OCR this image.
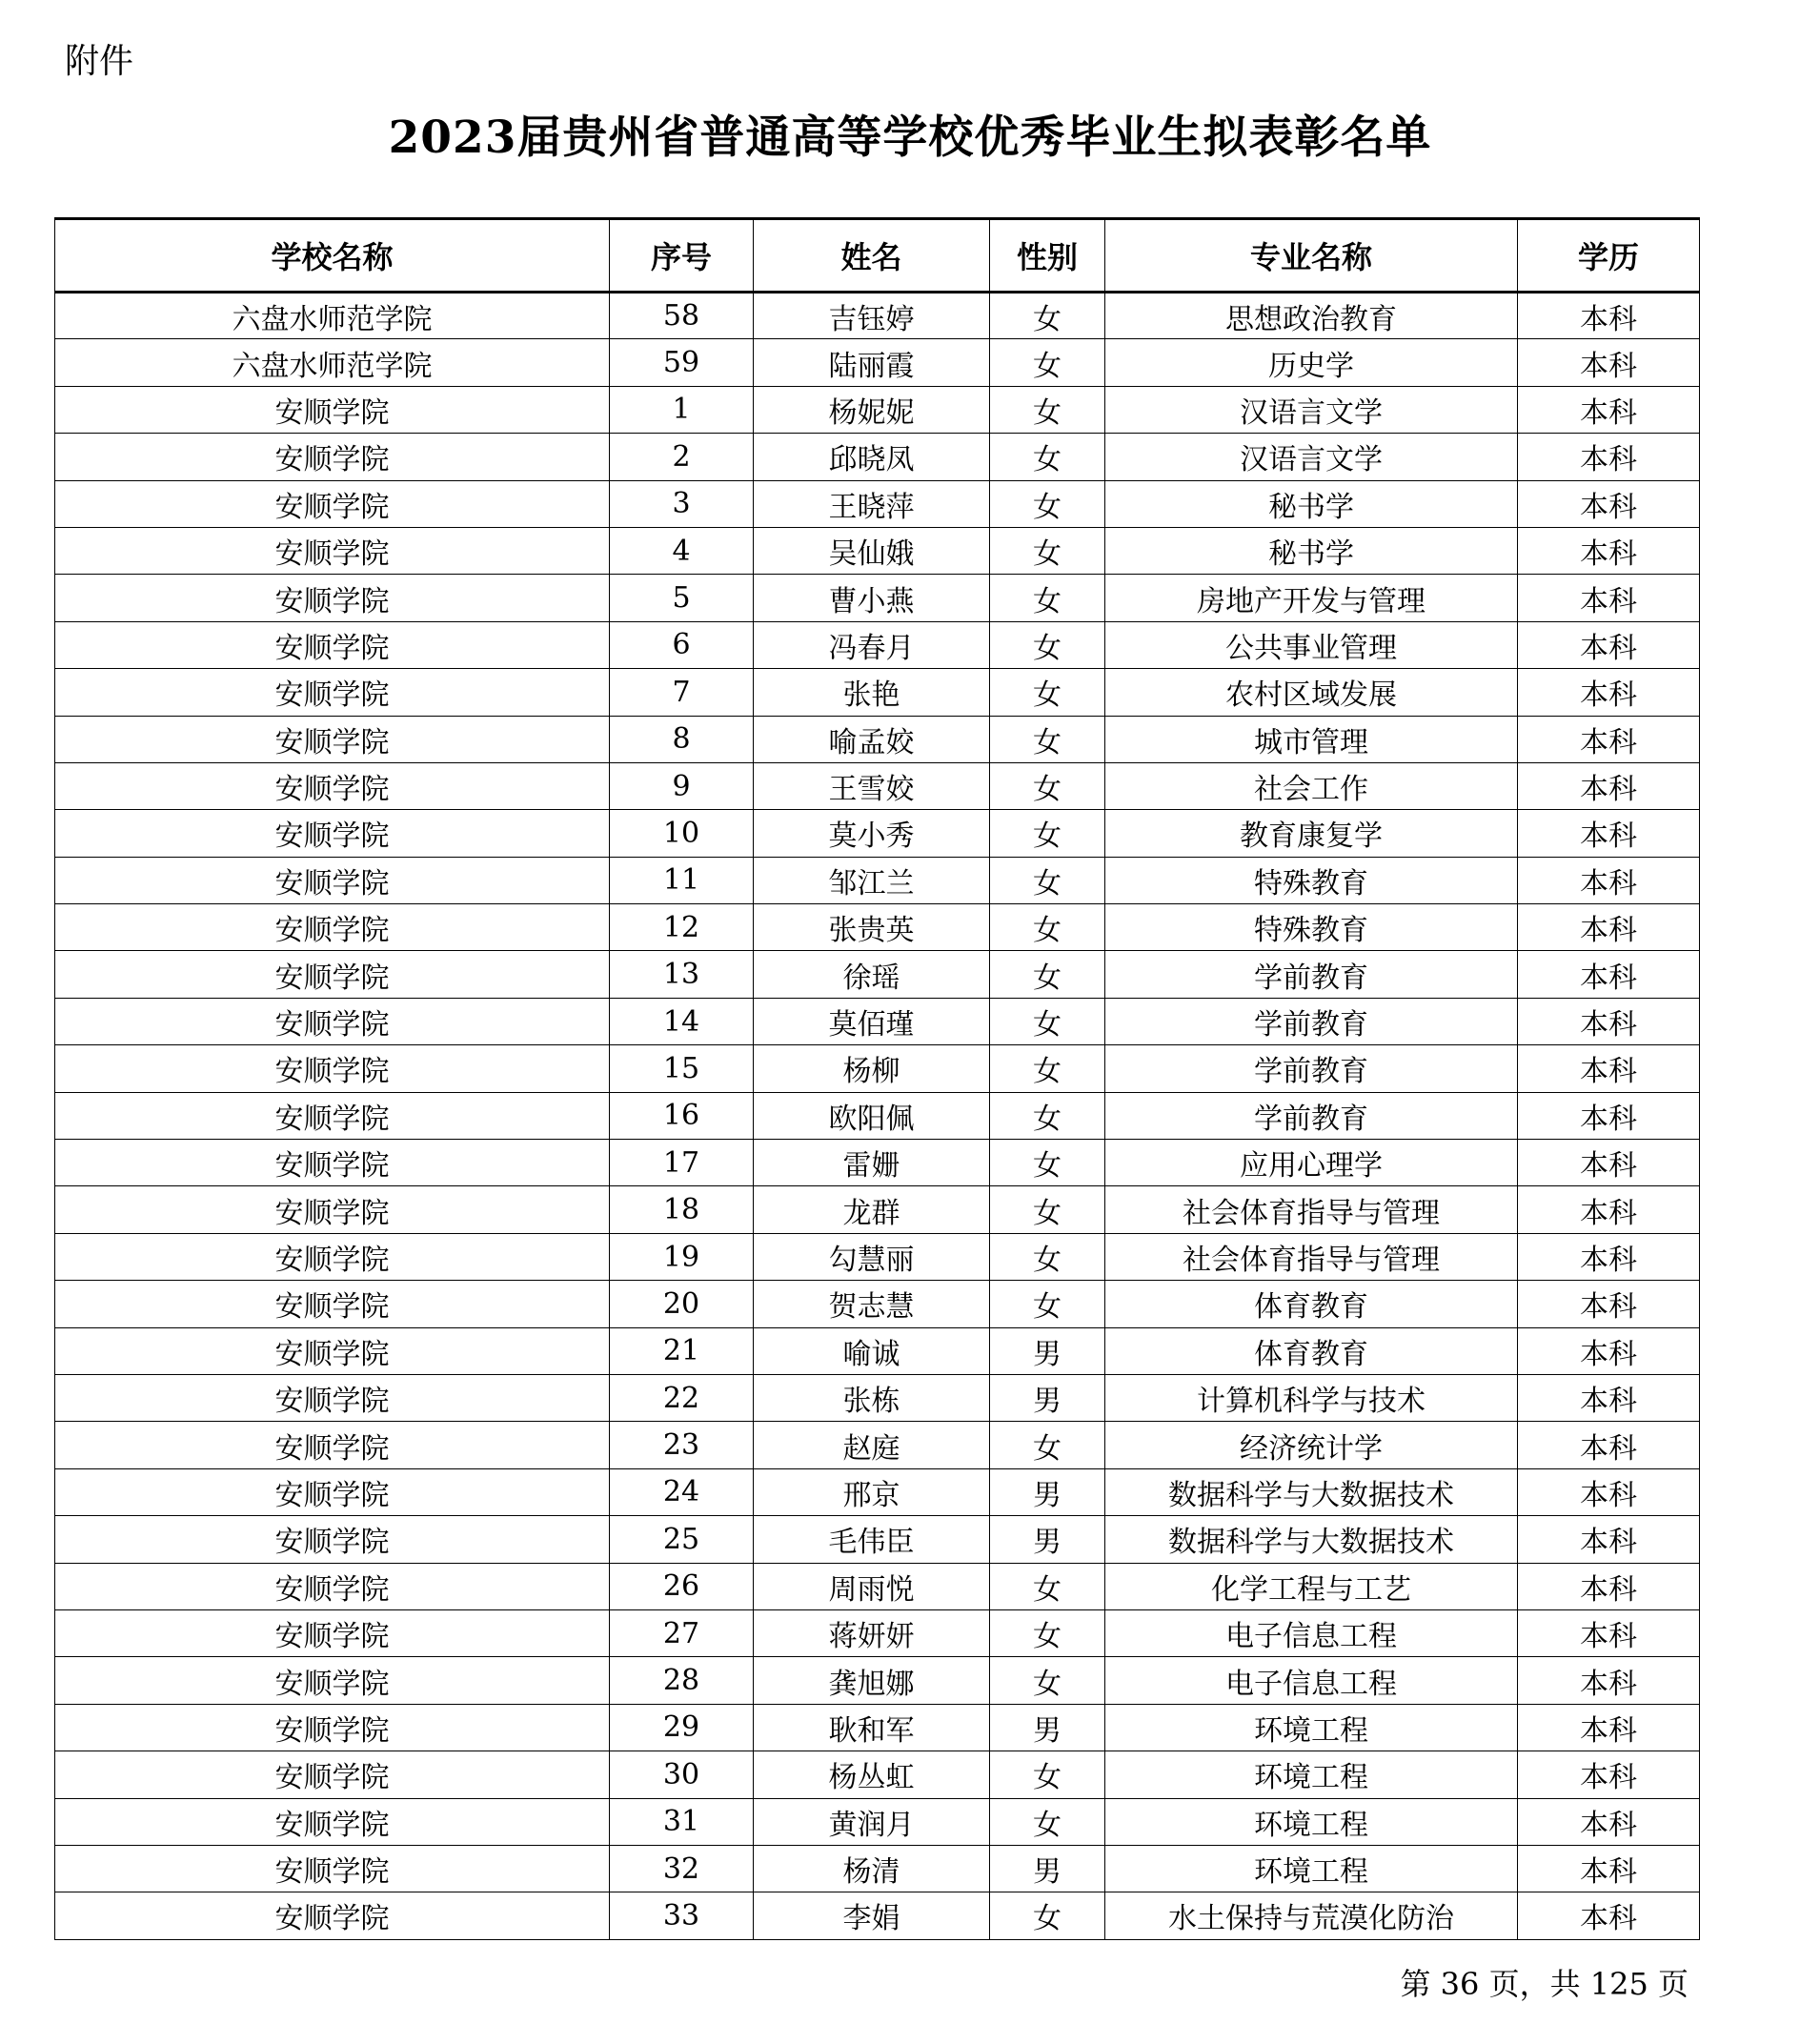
附件
2023届贵州省普通高等学校优秀毕业生拟表彰名单
学校名称	序号	姓名	性别	专业名称	学历
六盘水师范学院	58	吉钰婷	女	思想政治教育	本科
六盘水师范学院	59	陆丽霞	女	历史学	本科
安顺学院	1	杨妮妮	女	汉语言文学	本科
安顺学院	2	邱晓凤	女	汉语言文学	本科
安顺学院	3	王晓萍	女	秘书学	本科
安顺学院	4	吴仙娥	女	秘书学	本科
安顺学院	5	曹小燕	女	房地产开发与管理	本科
安顺学院	6	冯春月	女	公共事业管理	本科
安顺学院	7	张艳	女	农村区域发展	本科
安顺学院	8	喻孟姣	女	城市管理	本科
安顺学院	9	王雪姣	女	社会工作	本科
安顺学院	10	莫小秀	女	教育康复学	本科
安顺学院	11	邹江兰	女	特殊教育	本科
安顺学院	12	张贵英	女	特殊教育	本科
安顺学院	13	徐瑶	女	学前教育	本科
安顺学院	14	莫佰瑾	女	学前教育	本科
安顺学院	15	杨柳	女	学前教育	本科
安顺学院	16	欧阳佩	女	学前教育	本科
安顺学院	17	雷姗	女	应用心理学	本科
安顺学院	18	龙群	女	社会体育指导与管理	本科
安顺学院	19	勾慧丽	女	社会体育指导与管理	本科
安顺学院	20	贺志慧	女	体育教育	本科
安顺学院	21	喻诚	男	体育教育	本科
安顺学院	22	张栋	男	计算机科学与技术	本科
安顺学院	23	赵庭	女	经济统计学	本科
安顺学院	24	邢京	男	数据科学与大数据技术	本科
安顺学院	25	毛伟臣	男	数据科学与大数据技术	本科
安顺学院	26	周雨悦	女	化学工程与工艺	本科
安顺学院	27	蒋妍妍	女	电子信息工程	本科
安顺学院	28	龚旭娜	女	电子信息工程	本科
安顺学院	29	耿和军	男	环境工程	本科
安顺学院	30	杨丛虹	女	环境工程	本科
安顺学院	31	黄润月	女	环境工程	本科
安顺学院	32	杨清	男	环境工程	本科
安顺学院	33	李娟	女	水土保持与荒漠化防治	本科
第 36 页，共 125 页
